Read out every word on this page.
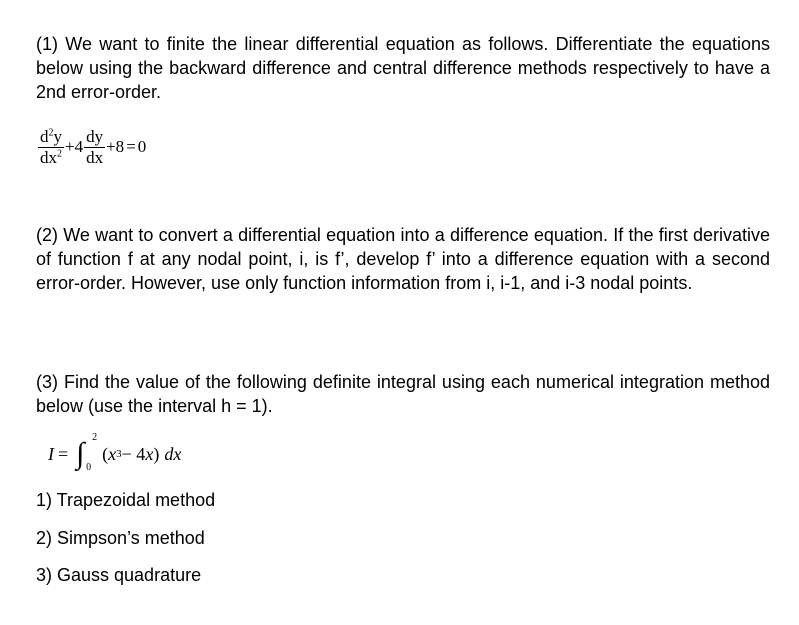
(1) We want to finite the linear differential equation as follows. Differentiate the equations below using the backward difference and central difference methods respectively to have a 2nd error-order.

$\frac{d^2y}{dx^2} +4 \frac{dy}{dx} +8 = 0$

(2) We want to convert a differential equation into a difference equation. If the first derivative of function f at any nodal point, i, is f’, develop f’ into a difference equation with a second error-order. However, use only function information from i, i-1, and i-3 nodal points.

(3) Find the value of the following definite integral using each numerical integration method below (use the interval h = 1).

I = ∫ 2
0
( x 3 − 4 x ) dx
1) Trapezoidal method
2) Simpson’s method
3) Gauss quadrature
